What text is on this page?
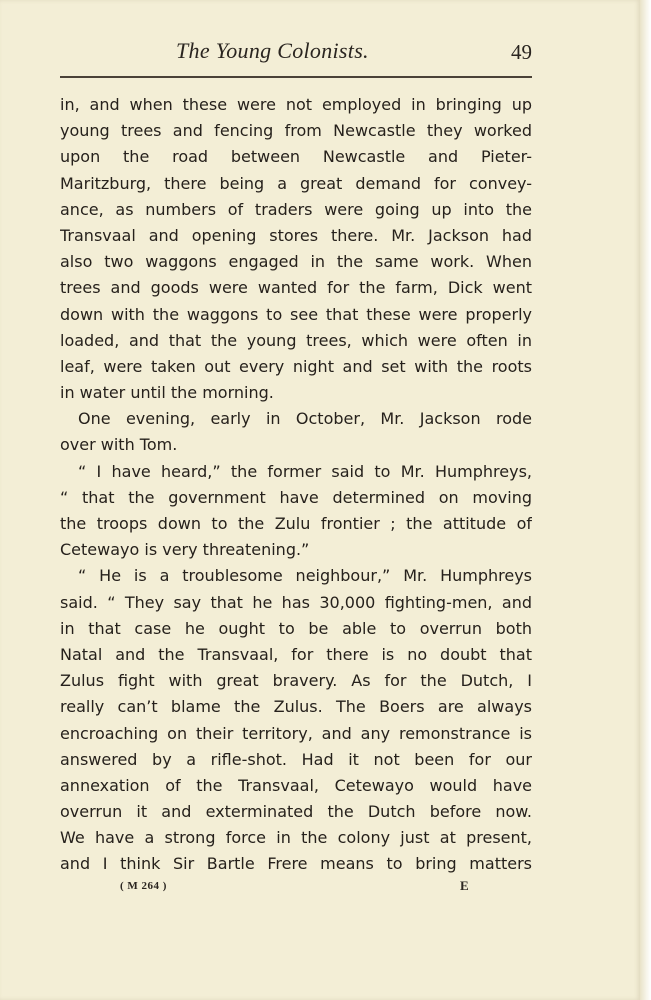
The Young Colonists.	49
in, and when these were not employed in bringing up
young trees and fencing from Newcastle they worked
upon the road between Newcastle and Pieter-
Maritzburg, there being a great demand for convey-
ance, as numbers of traders were going up into the
Transvaal and opening stores there. Mr. Jackson had
also two waggons engaged in the same work. When
trees and goods were wanted for the farm, Dick went
down with the waggons to see that these were properly
loaded, and that the young trees, which were often in
leaf, were taken out every night and set with the roots
in water until the morning.
One evening, early in October, Mr. Jackson rode
over with Tom.
“ I have heard,” the former said to Mr. Humphreys,
“ that the government have determined on moving
the troops down to the Zulu frontier ; the attitude of
Cetewayo is very threatening.”
“ He is a troublesome neighbour,” Mr. Humphreys
said. “ They say that he has 30,000 fighting-men, and
in that case he ought to be able to overrun both
Natal and the Transvaal, for there is no doubt that
Zulus fight with great bravery. As for the Dutch, I
really can’t blame the Zulus. The Boers are always
encroaching on their territory, and any remonstrance is
answered by a rifle-shot. Had it not been for our
annexation of the Transvaal, Cetewayo would have
overrun it and exterminated the Dutch before now.
We have a strong force in the colony just at present,
and I think Sir Bartle Frere means to bring matters
( M 264 )	E
